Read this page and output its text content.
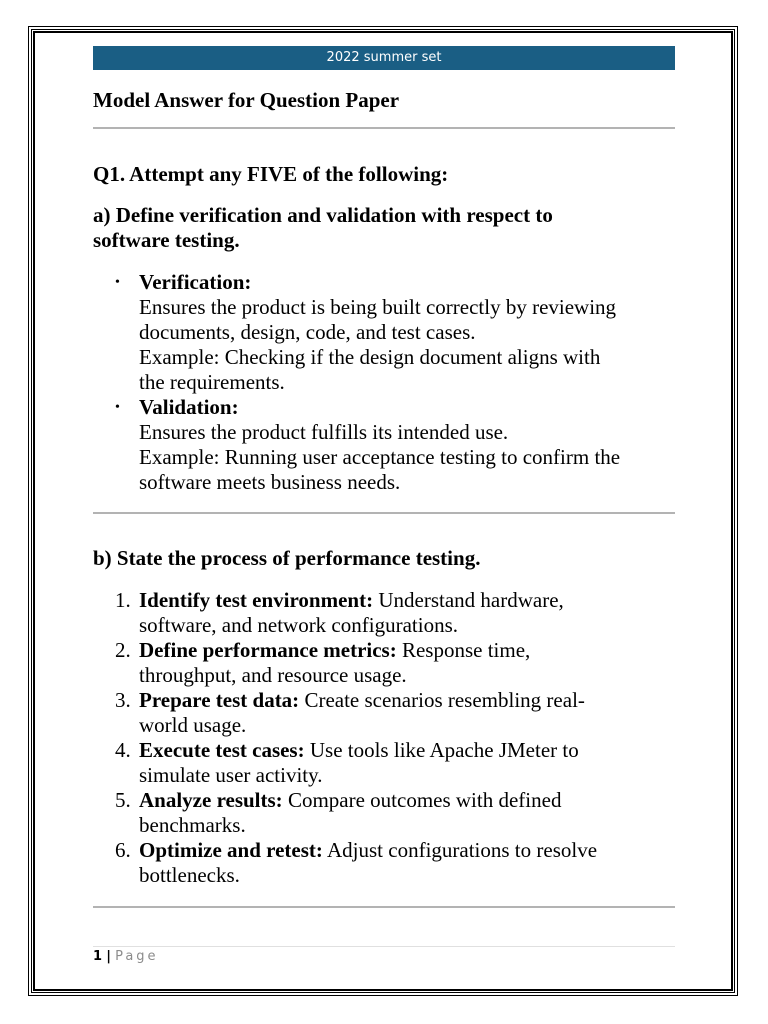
2022 summer set
Model Answer for Question Paper
Q1. Attempt any FIVE of the following:
a) Define verification and validation with respect to
software testing.
• Verification:
Ensures the product is being built correctly by reviewing
documents, design, code, and test cases.
Example: Checking if the design document aligns with
the requirements.
• Validation:
Ensures the product fulfills its intended use.
Example: Running user acceptance testing to confirm the
software meets business needs.
b) State the process of performance testing.
1. Identify test environment: Understand hardware,
software, and network configurations.
2. Define performance metrics: Response time,
throughput, and resource usage.
3. Prepare test data: Create scenarios resembling real-
world usage.
4. Execute test cases: Use tools like Apache JMeter to
simulate user activity.
5. Analyze results: Compare outcomes with defined
benchmarks.
6. Optimize and retest: Adjust configurations to resolve
bottlenecks.
1 | Page
